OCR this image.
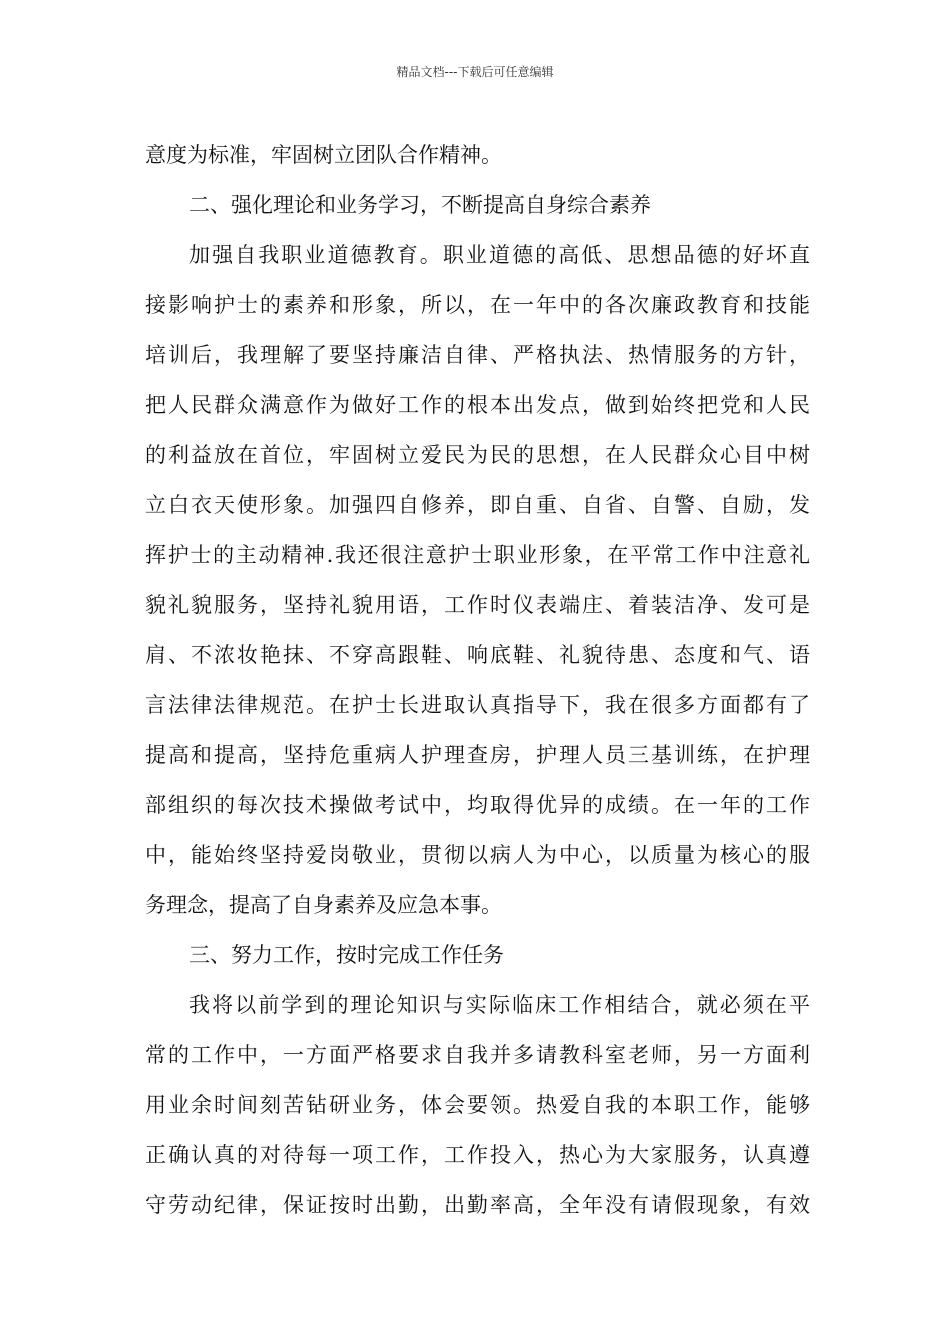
精品文档---下载后可任意编辑
意度为标准，牢固树立团队合作精神。
二、强化理论和业务学习，不断提高自身综合素养
加强自我职业道德教育。职业道德的高低、思想品德的好坏直
接影响护士的素养和形象，所以，在一年中的各次廉政教育和技能
培训后，我理解了要坚持廉洁自律、严格执法、热情服务的方针，
把人民群众满意作为做好工作的根本出发点，做到始终把党和人民
的利益放在首位，牢固树立爱民为民的思想，在人民群众心目中树
立白衣天使形象。加强四自修养，即自重、自省、自警、自励，发
挥护士的主动精神.我还很注意护士职业形象，在平常工作中注意礼
貌礼貌服务，坚持礼貌用语，工作时仪表端庄、着装洁净、发可是
肩、不浓妆艳抹、不穿高跟鞋、响底鞋、礼貌待患、态度和气、语
言法律法律规范。在护士长进取认真指导下，我在很多方面都有了
提高和提高，坚持危重病人护理查房，护理人员三基训练，在护理
部组织的每次技术操做考试中，均取得优异的成绩。在一年的工作
中，能始终坚持爱岗敬业，贯彻以病人为中心，以质量为核心的服
务理念，提高了自身素养及应急本事。
三、努力工作，按时完成工作任务
我将以前学到的理论知识与实际临床工作相结合，就必须在平
常的工作中，一方面严格要求自我并多请教科室老师，另一方面利
用业余时间刻苦钻研业务，体会要领。热爱自我的本职工作，能够
正确认真的对待每一项工作，工作投入，热心为大家服务，认真遵
守劳动纪律，保证按时出勤，出勤率高，全年没有请假现象，有效
